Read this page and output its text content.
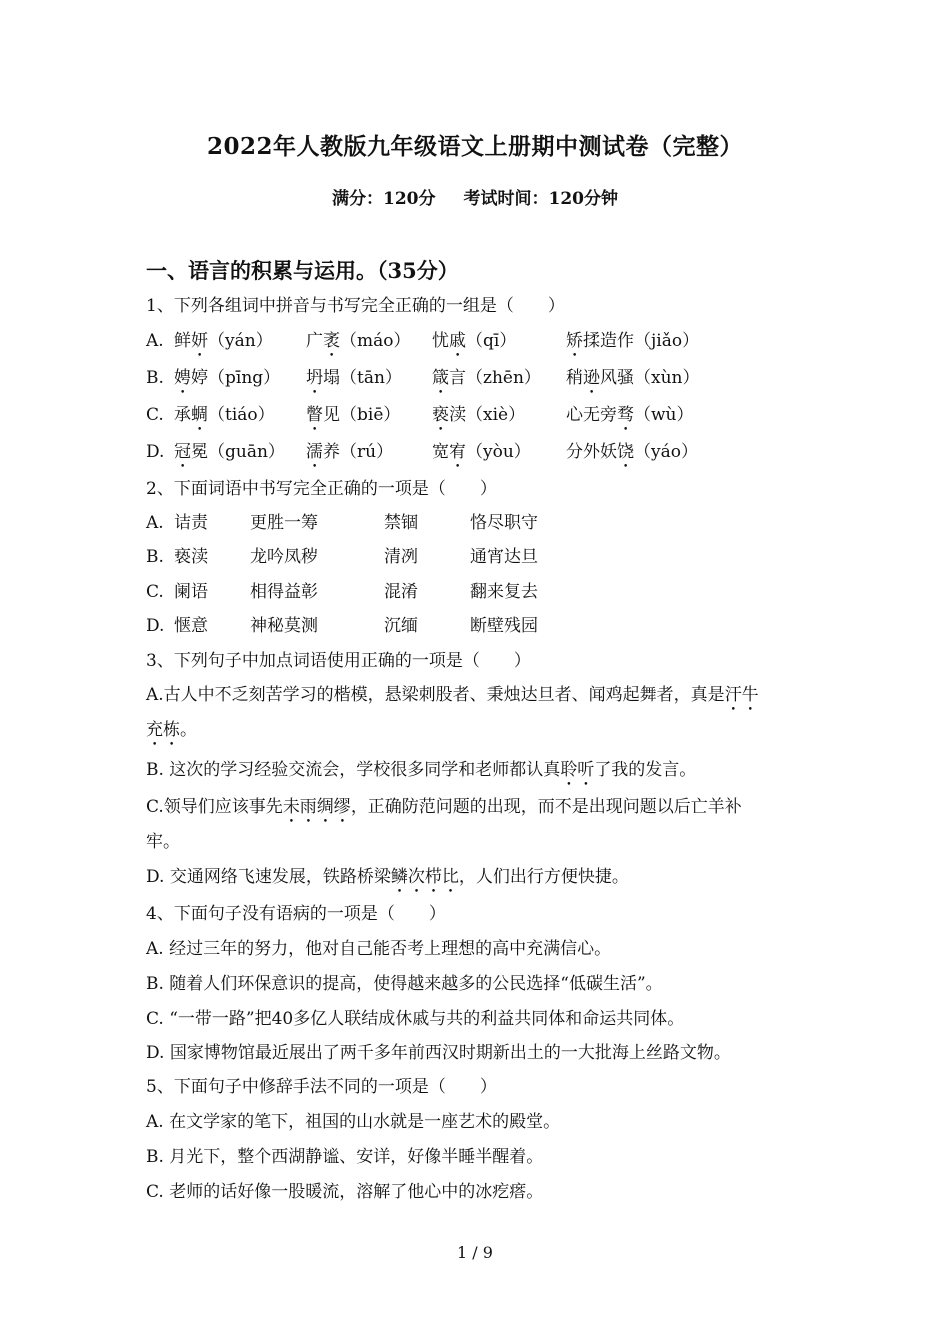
2022年人教版九年级语文上册期中测试卷（完整）
满分：120分 考试时间：120分钟
一、语言的积累与运用。（35分）
1、下列各组词中拼音与书写完全正确的一组是（　　）
A. 鲜妍（yán） 广袤（máo） 忧戚（qī）	矫揉造作（jiǎo）
B. 娉婷（pīng） 坍塌（tān） 箴言（zhēn） 稍逊风骚（xùn）
C. 承蜩（tiáo） 瞥见（biē） 亵渎（xiè） 心无旁骛（wù）
D. 冠冕（guān） 濡养（rú） 宽宥（yòu） 分外妖饶（yáo）
2、下面词语中书写完全正确的一项是（　　）
A. 诘责 更胜一筹	禁锢	恪尽职守
B. 亵渎 龙吟凤秽	清冽	通宵达旦
C. 阑语 相得益彰	混淆	翻来复去
D. 惬意 神秘莫测	沉缅	断壁残园
3、下列句子中加点词语使用正确的一项是（　　）
A.古人中不乏刻苦学习的楷模，悬梁刺股者、秉烛达旦者、闻鸡起舞者，真是汗牛
充栋。
B. 这次的学习经验交流会，学校很多同学和老师都认真聆听了我的发言。
C.领导们应该事先未雨绸缪，正确防范问题的出现，而不是出现问题以后亡羊补
牢。
D. 交通网络飞速发展，铁路桥梁鳞次栉比，人们出行方便快捷。
4、下面句子没有语病的一项是（　　）
A. 经过三年的努力，他对自己能否考上理想的高中充满信心。
B. 随着人们环保意识的提高，使得越来越多的公民选择“低碳生活”。
C. “一带一路”把40多亿人联结成休戚与共的利益共同体和命运共同体。
D. 国家博物馆最近展出了两千多年前西汉时期新出土的一大批海上丝路文物。
5、下面句子中修辞手法不同的一项是（　　）
A. 在文学家的笔下，祖国的山水就是一座艺术的殿堂。
B. 月光下，整个西湖静谧、安详，好像半睡半醒着。
C. 老师的话好像一股暖流，溶解了他心中的冰疙瘩。
1 / 9
